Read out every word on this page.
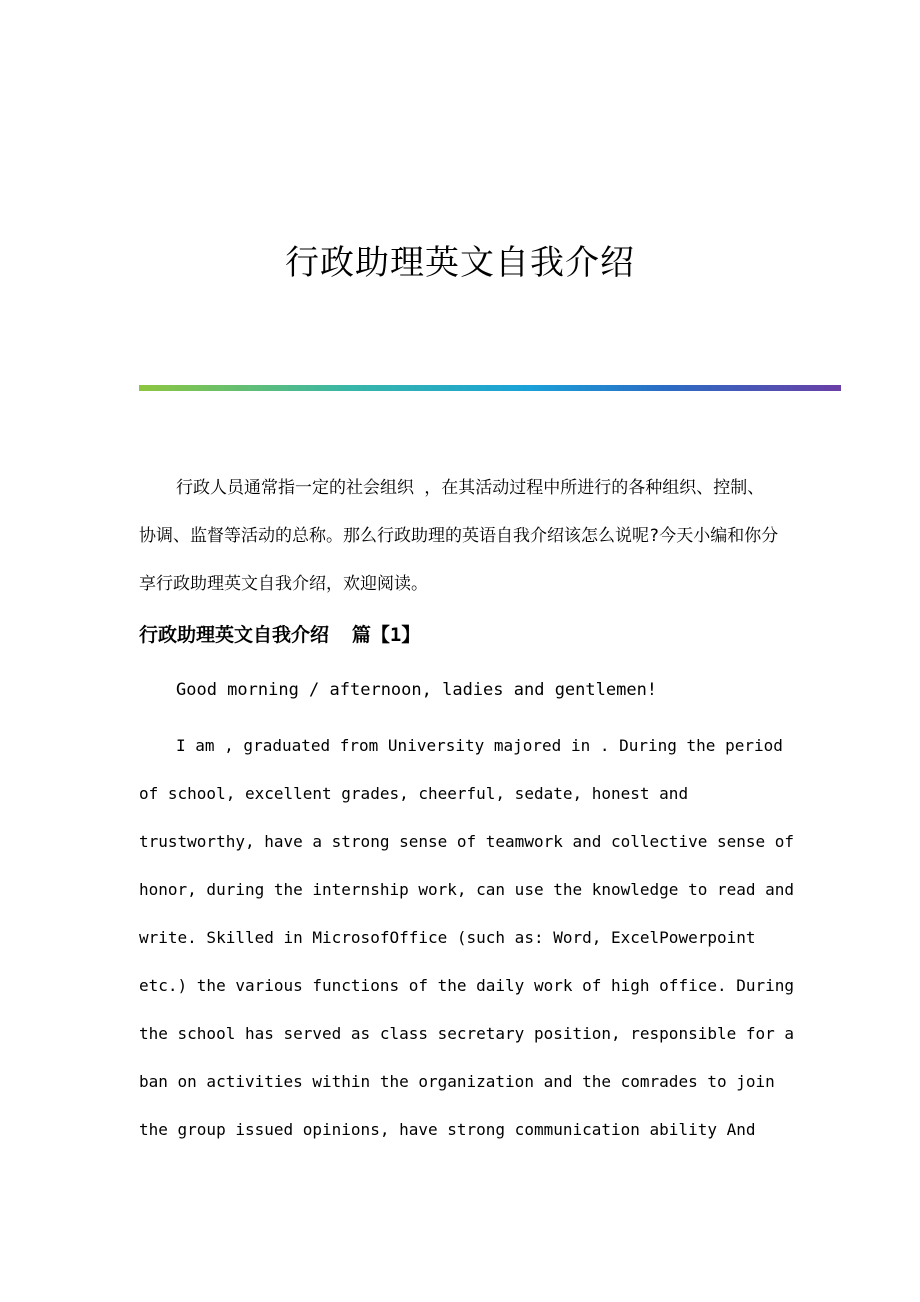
行政助理英文自我介绍

行政人员通常指一定的社会组织 ，在其活动过程中所进行的各种组织、控制、协调、监督等活动的总称。那么行政助理的英语自我介绍该怎么说呢?今天小编和你分享行政助理英文自我介绍，欢迎阅读。

行政助理英文自我介绍  篇【1】

Good morning / afternoon, ladies and gentlemen!

I am , graduated from University majored in . During the period
of school, excellent grades, cheerful, sedate, honest and
trustworthy, have a strong sense of teamwork and collective sense of
honor, during the internship work, can use the knowledge to read and
write. Skilled in MicrosofOffice (such as: Word, ExcelPowerpoint
etc.) the various functions of the daily work of high office. During
the school has served as class secretary position, responsible for a
ban on activities within the organization and the comrades to join
the group issued opinions, have strong communication ability And
